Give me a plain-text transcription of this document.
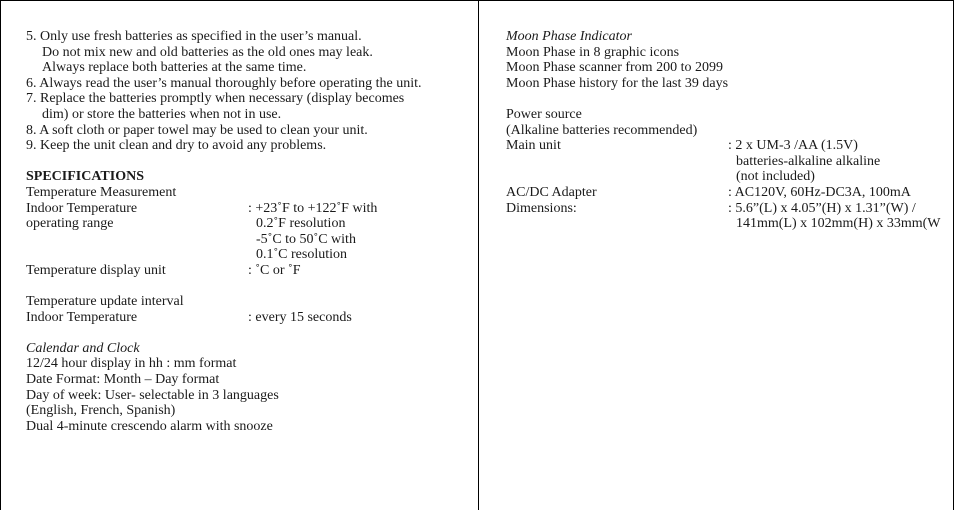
5. Only use fresh batteries as specified in the user’s manual.
Do not mix new and old batteries as the old ones may leak.
Always replace both batteries at the same time.
6. Always read the user’s manual thoroughly before operating the unit.
7. Replace the batteries promptly when necessary (display becomes
dim) or store the batteries when not in use.
8. A soft cloth or paper towel may be used to clean your unit.
9. Keep the unit clean and dry to avoid any problems.
SPECIFICATIONS
Temperature Measurement
Indoor Temperature	: +23˚F to +122˚F with
operating range	0.2˚F resolution
-5˚C to 50˚C with
0.1˚C resolution
Temperature display unit	: ˚C or ˚F
Temperature update interval
Indoor Temperature	: every 15 seconds
Calendar and Clock
12/24 hour display in hh : mm format
Date Format: Month – Day format
Day of week: User- selectable in 3 languages
(English, French, Spanish)
Dual 4-minute crescendo alarm with snooze
Moon Phase Indicator
Moon Phase in 8 graphic icons
Moon Phase scanner from 200 to 2099
Moon Phase history for the last 39 days
Power source
(Alkaline batteries recommended)
Main unit	: 2 x UM-3 /AA (1.5V)
batteries-alkaline alkaline
(not included)
AC/DC Adapter	: AC120V, 60Hz-DC3A, 100mA
Dimensions:	: 5.6”(L) x 4.05”(H) x 1.31”(W) /
141mm(L) x 102mm(H) x 33mm(W
